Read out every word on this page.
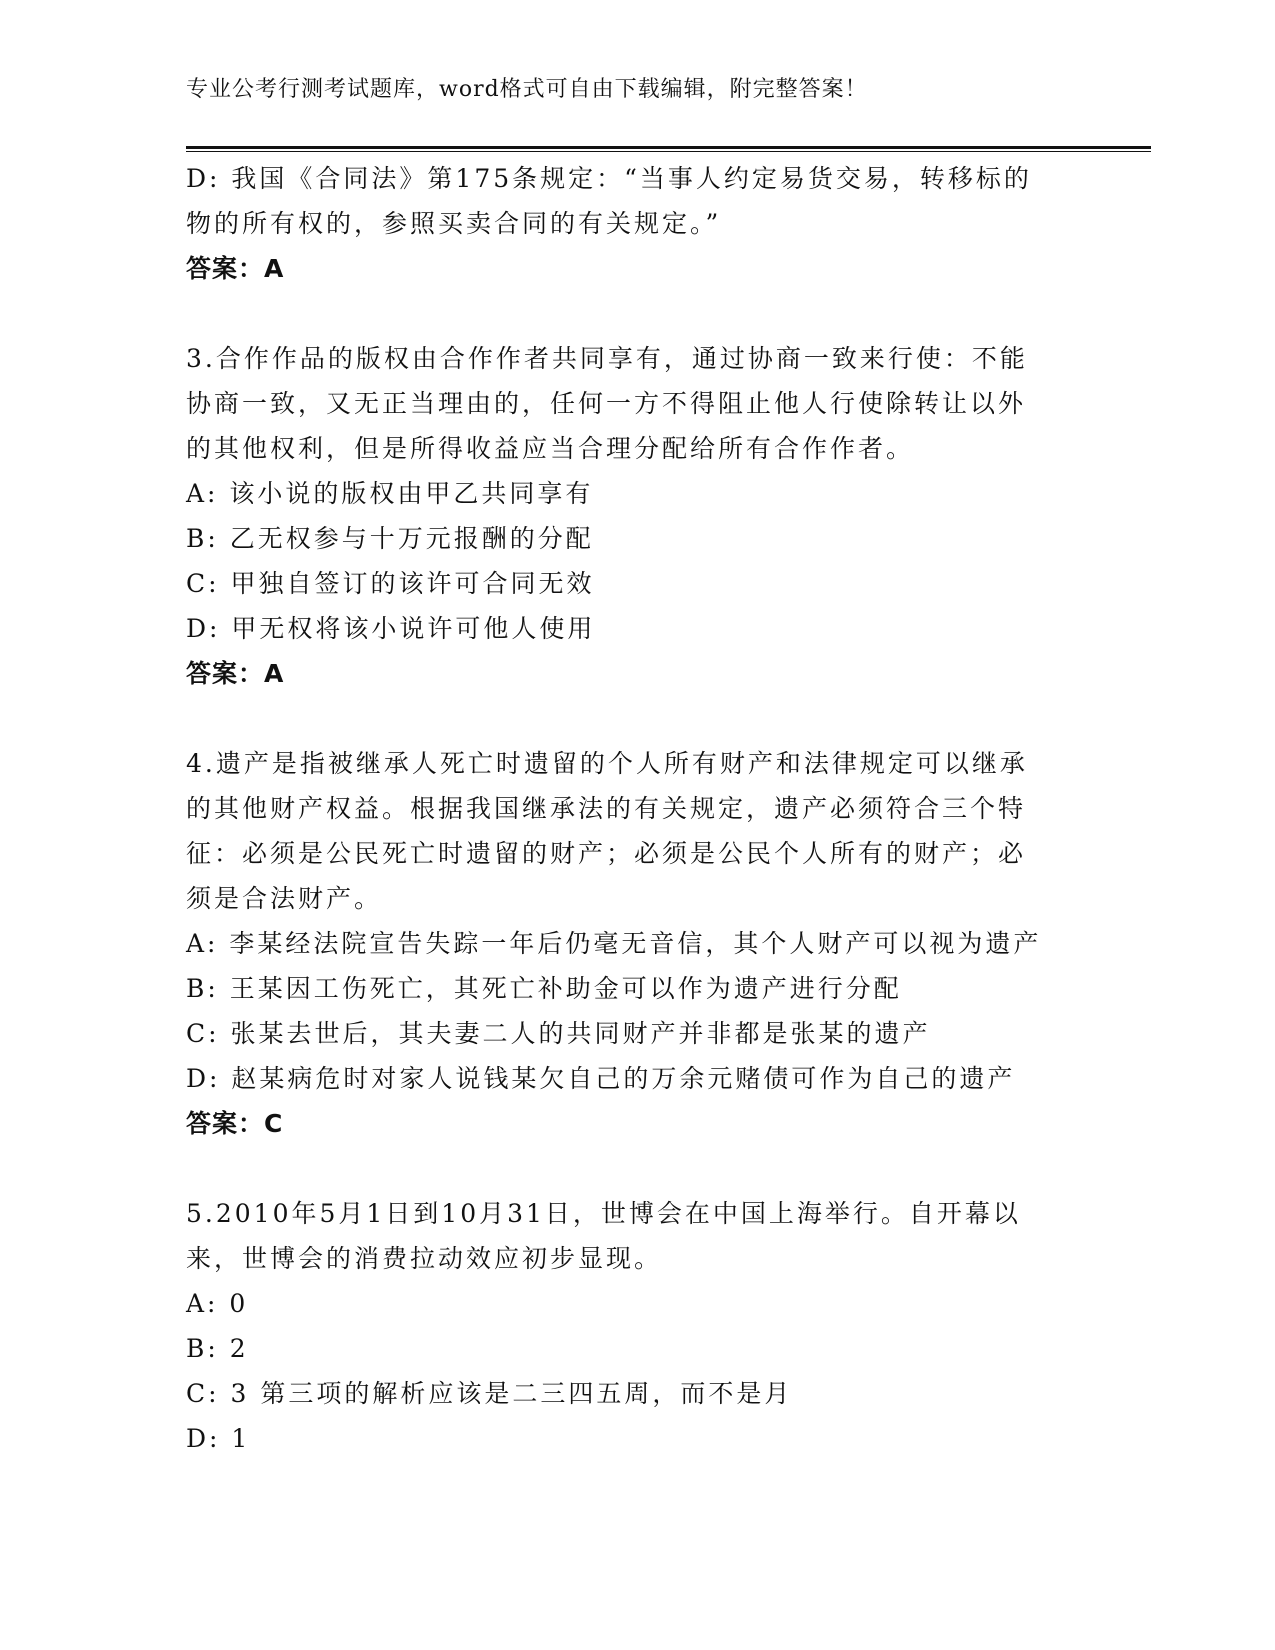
专业公考行测考试题库，word格式可自由下载编辑，附完整答案！
D: 我国《合同法》第175条规定：“当事人约定易货交易，转移标的
物的所有权的，参照买卖合同的有关规定。”
答案：A
3.合作作品的版权由合作作者共同享有，通过协商一致来行使：不能
协商一致，又无正当理由的，任何一方不得阻止他人行使除转让以外
的其他权利，但是所得收益应当合理分配给所有合作作者。
A: 该小说的版权由甲乙共同享有
B: 乙无权参与十万元报酬的分配
C: 甲独自签订的该许可合同无效
D: 甲无权将该小说许可他人使用
答案：A
4.遗产是指被继承人死亡时遗留的个人所有财产和法律规定可以继承
的其他财产权益。根据我国继承法的有关规定，遗产必须符合三个特
征：必须是公民死亡时遗留的财产；必须是公民个人所有的财产；必
须是合法财产。
A: 李某经法院宣告失踪一年后仍毫无音信，其个人财产可以视为遗产
B: 王某因工伤死亡，其死亡补助金可以作为遗产进行分配
C: 张某去世后，其夫妻二人的共同财产并非都是张某的遗产
D: 赵某病危时对家人说钱某欠自己的万余元赌债可作为自己的遗产
答案：C
5.2010年5月1日到10月31日，世博会在中国上海举行。自开幕以
来，世博会的消费拉动效应初步显现。
A: 0
B: 2
C: 3 第三项的解析应该是二三四五周，而不是月
D: 1
